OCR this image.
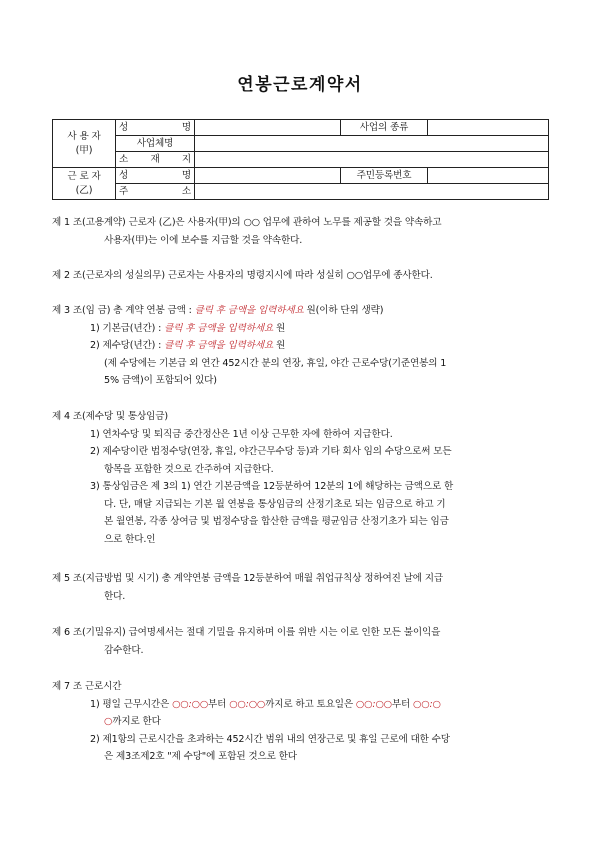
연봉근로계약서
사 용 자
(甲)	성 명		사업의 종류	
	사업체명			
	소 재 지			

근 로 자
(乙)	성 명		주민등록번호	
	주 소			
제 1 조(고용계약) 근로자 (乙)은 사용자(甲)의 ○○ 업무에 관하여 노무를 제공할 것을 약속하고
사용자(甲)는 이에 보수를 지급할 것을 약속한다.
제 2 조(근로자의 성실의무) 근로자는 사용자의 명령지시에 따라 성실히 ○○업무에 종사한다.
제 3 조(임 금) 총 계약 연봉 금액 : 클릭 후 금액을 입력하세요 원(이하 단위 생략)
1) 기본급(년간) : 클릭 후 금액을 입력하세요 원
2) 제수당(년간) : 클릭 후 금액을 입력하세요 원
(제 수당에는 기본급 외 연간 452시간 분의 연장, 휴일, 야간 근로수당(기준연봉의 1
5% 금액)이 포함되어 있다)
제 4 조(제수당 및 통상임금)
1) 연차수당 및 퇴직금 중간정산은 1년 이상 근무한 자에 한하여 지급한다.
2) 제수당이란 법정수당(연장, 휴일, 야간근무수당 등)과 기타 회사 임의 수당으로써 모든
항목을 포함한 것으로 간주하여 지급한다.
3) 통상임금은 제 3의 1) 연간 기본금액을 12등분하여 12분의 1에 해당하는 금액으로 한
다. 단, 매달 지급되는 기본 월 연봉을 통상임금의 산정기초로 되는 임금으로 하고 기
본 월연봉, 각종 상여금 및 법정수당을 합산한 금액을 평균임금 산정기초가 되는 임금
으로 한다.인
제 5 조(지급방법 및 시기) 총 계약연봉 금액을 12등분하여 매월 취업규칙상 정하여진 날에 지급
한다.
제 6 조(기밀유지) 급여명세서는 절대 기밀을 유지하며 이를 위반 시는 이로 인한 모든 불이익을
감수한다.
제 7 조 근로시간
1) 평일 근무시간은 ○○:○○부터 ○○:○○까지로 하고 토요일은 ○○:○○부터 ○○:○
○까지로 한다
2) 제1항의 근로시간을 초과하는 452시간 범위 내의 연장근로 및 휴일 근로에 대한 수당
은 제3조제2호 "제 수당"에 포함된 것으로 한다
